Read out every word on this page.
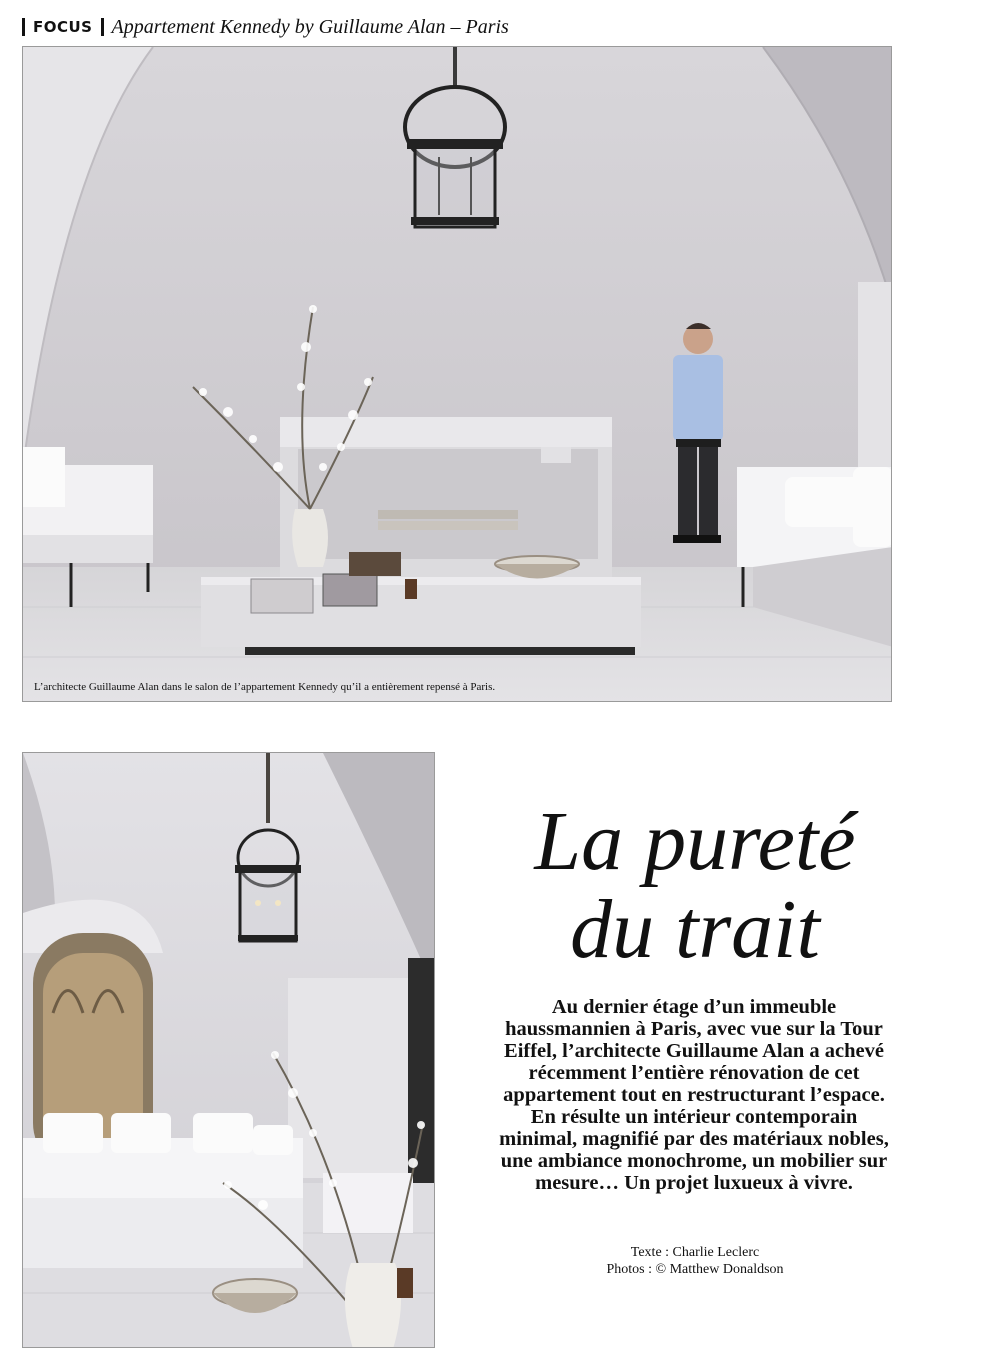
FOCUS Appartement Kennedy by Guillaume Alan – Paris
L’architecte Guillaume Alan dans le salon de l’appartement Kennedy qu’il a entièrement repensé à Paris.
La pureté
du trait

Au dernier étage d’un immeuble haussmannien à Paris, avec vue sur la Tour Eiffel, l’architecte Guillaume Alan a achevé récemment l’entière rénovation de cet appartement tout en restructurant l’espace. En résulte un intérieur contemporain minimal, magnifié par des matériaux nobles, une ambiance monochrome, un mobilier sur mesure… Un projet luxueux à vivre.

Texte : Charlie Leclerc
Photos : © Matthew Donaldson
